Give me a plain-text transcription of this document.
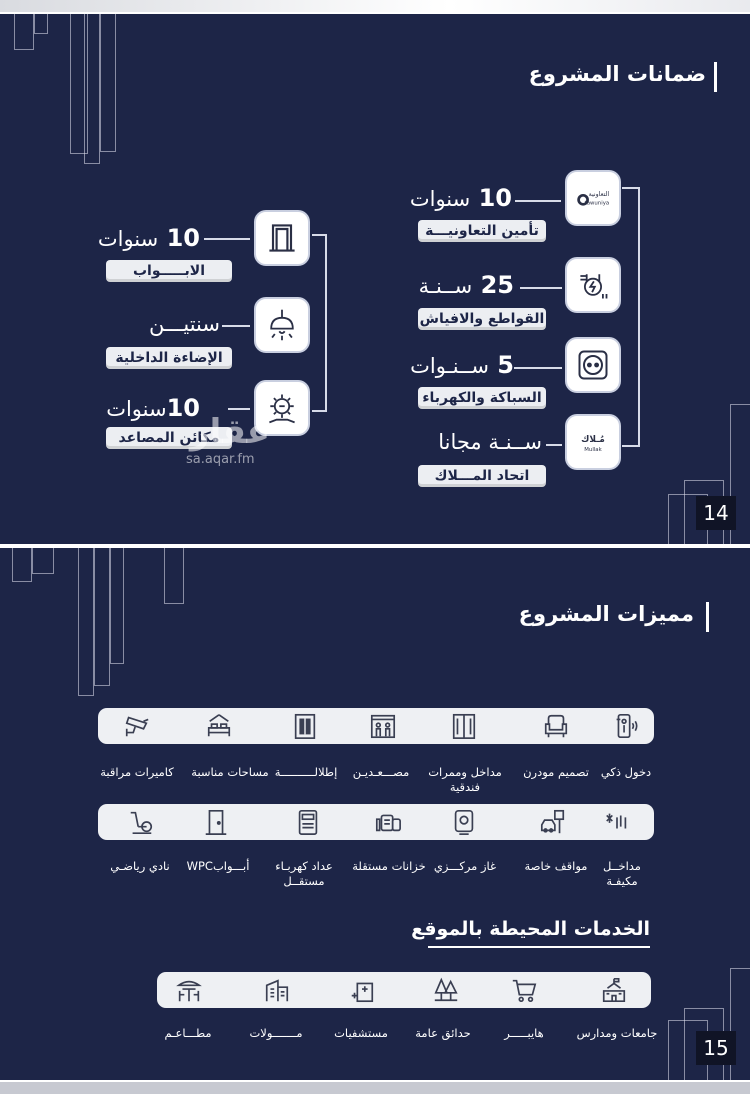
ضمانات المشروع
التعاونية
tawuniya
10 سنوات
تأمين التعاونيـــة
25 ســنـة
القواطع والافياش
5 ســنـوات
السباكة والكهرباء
مُـلاك
Mullak
ســنـة مجانا
اتحاد المـــلاك
10 سنوات
الابـــــواب
سنتيـــن
الإضاءة الداخلية
10سنوات
مكائن المصاعد
عقار
sa.aqar.fm
14
مميزات المشروع
دخول ذكي
تصميم مودرن
مداخل وممرات فندقية
مصـــعـديـن
إطلالــــــــــة
مساحات مناسبة
كاميرات مراقبة
مداخــل مكيفـة
مواقف خاصة
غاز مركـــزي
خزانات مستقلة
عداد كهربـاء مستقــل
أبـــوابWPC
نادي رياضـي
الخدمات المحيطة بالموقع
جامعات ومدارس
هايبـــــر
حدائق عامة
مستشفيات
مـــــــولات
مطـــاعـم
15
